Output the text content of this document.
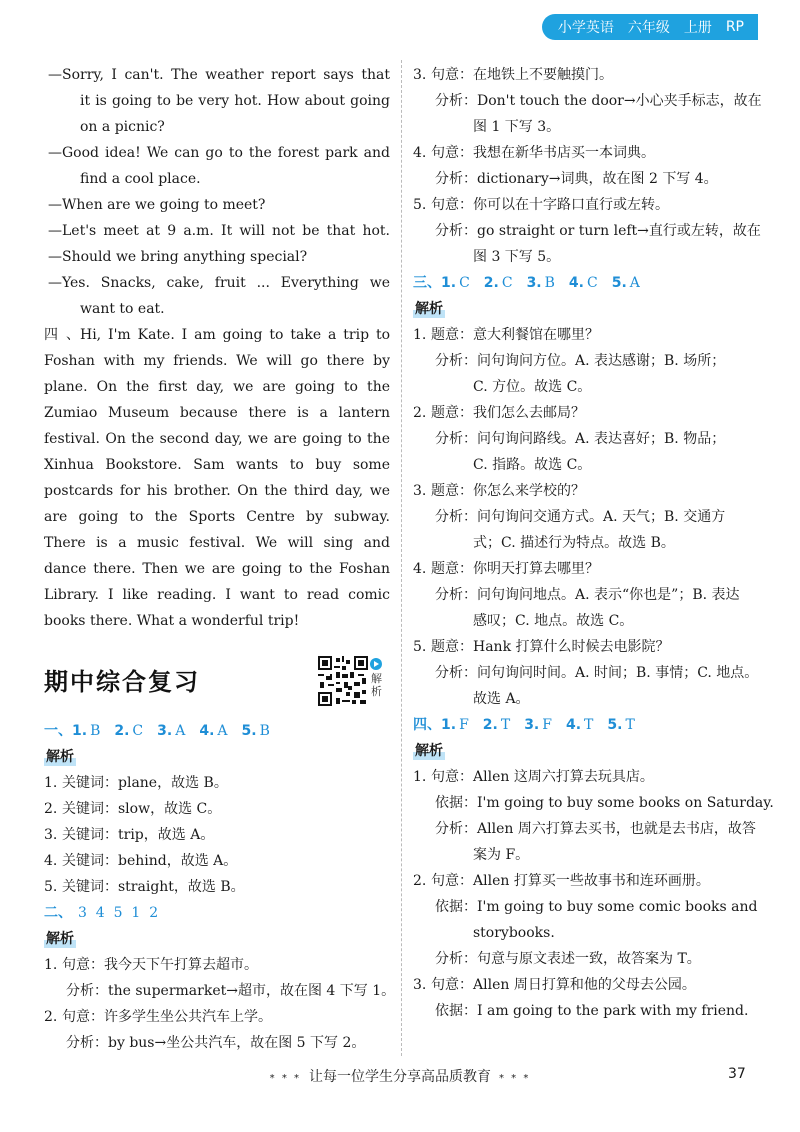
小学英语 六年级 上册 RP
—Sorry, I can't. The weather report says that
it is going to be very hot. How about going
on a picnic?
—Good idea! We can go to the forest park and
find a cool place.
—When are we going to meet?
—Let's meet at 9 a.m. It will not be that hot.
—Should we bring anything special?
—Yes. Snacks, cake, fruit ... Everything we
want to eat.
四、Hi, I'm Kate. I am going to take a trip to
Foshan with my friends. We will go there by
plane. On the first day, we are going to the
Zumiao Museum because there is a lantern
festival. On the second day, we are going to the
Xinhua Bookstore. Sam wants to buy some
postcards for his brother. On the third day, we
are going to the Sports Centre by subway.
There is a music festival. We will sing and
dance there. Then we are going to the Foshan
Library. I like reading. I want to read comic
books there. What a wonderful trip!
期中综合复习	解析
一、1. B 2. C 3. A 4. A 5. B
解析
1. 关键词：plane，故选 B。
2. 关键词：slow，故选 C。
3. 关键词：trip，故选 A。
4. 关键词：behind，故选 A。
5. 关键词：straight，故选 B。
二、 3  4  5  1  2
解析
1. 句意：我今天下午打算去超市。
分析：the supermarket→超市，故在图 4 下写 1。
2. 句意：许多学生坐公共汽车上学。
分析：by bus→坐公共汽车，故在图 5 下写 2。
3. 句意：在地铁上不要触摸门。
分析：Don't touch the door→小心夹手标志，故在
图 1 下写 3。
4. 句意：我想在新华书店买一本词典。
分析：dictionary→词典，故在图 2 下写 4。
5. 句意：你可以在十字路口直行或左转。
分析：go straight or turn left→直行或左转，故在
图 3 下写 5。
三、1. C 2. C 3. B 4. C 5. A
解析
1. 题意：意大利餐馆在哪里？
分析：问句询问方位。A. 表达感谢；B. 场所；
C. 方位。故选 C。
2. 题意：我们怎么去邮局？
分析：问句询问路线。A. 表达喜好；B. 物品；
C. 指路。故选 C。
3. 题意：你怎么来学校的？
分析：问句询问交通方式。A. 天气；B. 交通方
式；C. 描述行为特点。故选 B。
4. 题意：你明天打算去哪里？
分析：问句询问地点。A. 表示“你也是”；B. 表达
感叹；C. 地点。故选 C。
5. 题意：Hank 打算什么时候去电影院？
分析：问句询问时间。A. 时间；B. 事情；C. 地点。
故选 A。
四、1. F 2. T 3. F 4. T 5. T
解析
1. 句意：Allen 这周六打算去玩具店。
依据：I'm going to buy some books on Saturday.
分析：Allen 周六打算去买书，也就是去书店，故答
案为 F。
2. 句意：Allen 打算买一些故事书和连环画册。
依据：I'm going to buy some comic books and
storybooks.
分析：句意与原文表述一致，故答案为 T。
3. 句意：Allen 周日打算和他的父母去公园。
依据：I am going to the park with my friend.
* * * 让每一位学生分享高品质教育 * * *	37
